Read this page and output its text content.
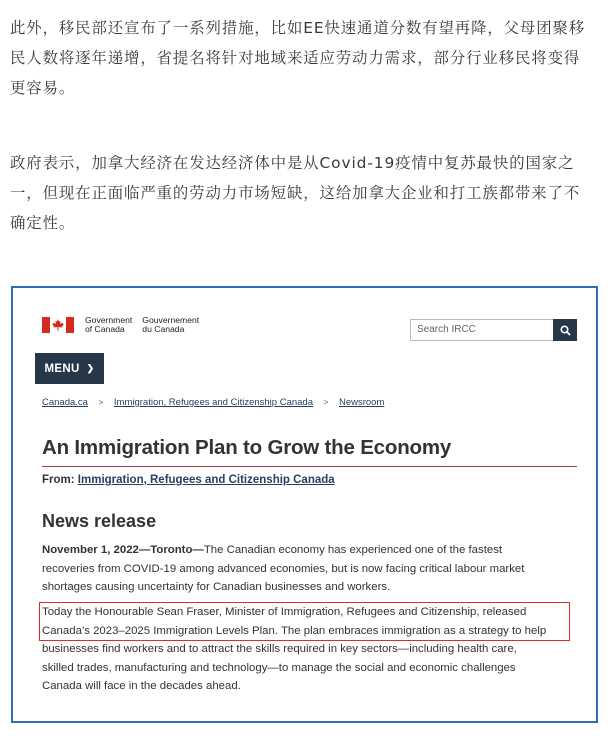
此外，移民部还宣布了一系列措施，比如EE快速通道分数有望再降，父母团聚移
民人数将逐年递增，省提名将针对地域来适应劳动力需求，部分行业移民将变得
更容易。
政府表示，加拿大经济在发达经济体中是从Covid-19疫情中复苏最快的国家之
一，但现在正面临严重的劳动力市场短缺，这给加拿大企业和打工族都带来了不
确定性。
Government
of Canada
Gouvernement
du Canada	Search IRCC
MENU ❯
Canada.ca > Immigration, Refugees and Citizenship Canada > Newsroom
An Immigration Plan to Grow the Economy
From: Immigration, Refugees and Citizenship Canada
News release
November 1, 2022—Toronto—The Canadian economy has experienced one of the fastest
recoveries from COVID-19 among advanced economies, but is now facing critical labour market
shortages causing uncertainty for Canadian businesses and workers.
Today the Honourable Sean Fraser, Minister of Immigration, Refugees and Citizenship, released
Canada’s 2023–2025 Immigration Levels Plan. The plan embraces immigration as a strategy to help
businesses find workers and to attract the skills required in key sectors—including health care,
skilled trades, manufacturing and technology—to manage the social and economic challenges
Canada will face in the decades ahead.
